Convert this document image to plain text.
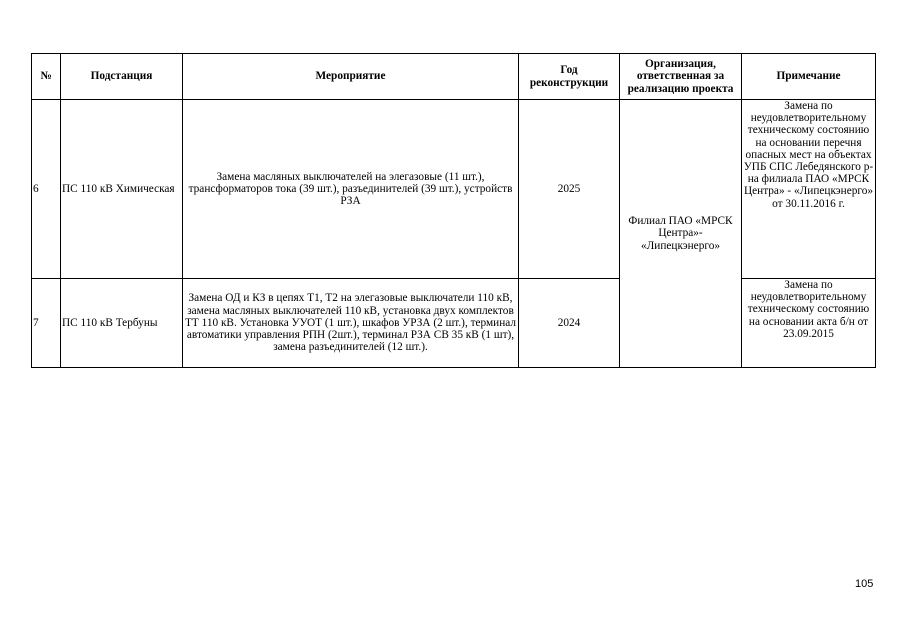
№	Подстанция	Мероприятие	Год реконструкции	Организация, ответственная за реализацию проекта	Примечание
6	ПС 110 кВ Химическая	Замена масляных выключателей на элегазовые (11 шт.), трансформаторов тока (39 шт.), разъединителей (39 шт.), устройств РЗА	2025	Филиал ПАО «МРСК Центра»- «Липецкэнерго»	Замена по неудовлетворительному техническому состоянию на основании перечня опасных мест на объектах УПБ СПС Лебедянского р-на филиала ПАО «МРСК Центра» - «Липецкэнерго» от 30.11.2016 г.
7	ПС 110 кВ Тербуны	Замена ОД и КЗ в цепях Т1, Т2 на элегазовые выключатели 110 кВ, замена масляных выключателей 110 кВ, установка двух комплектов ТТ 110 кВ. Установка УУОТ (1 шт.), шкафов УРЗА (2 шт.), терминал автоматики управления РПН (2шт.), терминал РЗА СВ 35 кВ (1 шт), замена разъединителей (12 шт.).	2024		Замена по неудовлетворительному техническому состоянию на основании акта б/н от 23.09.2015
105
